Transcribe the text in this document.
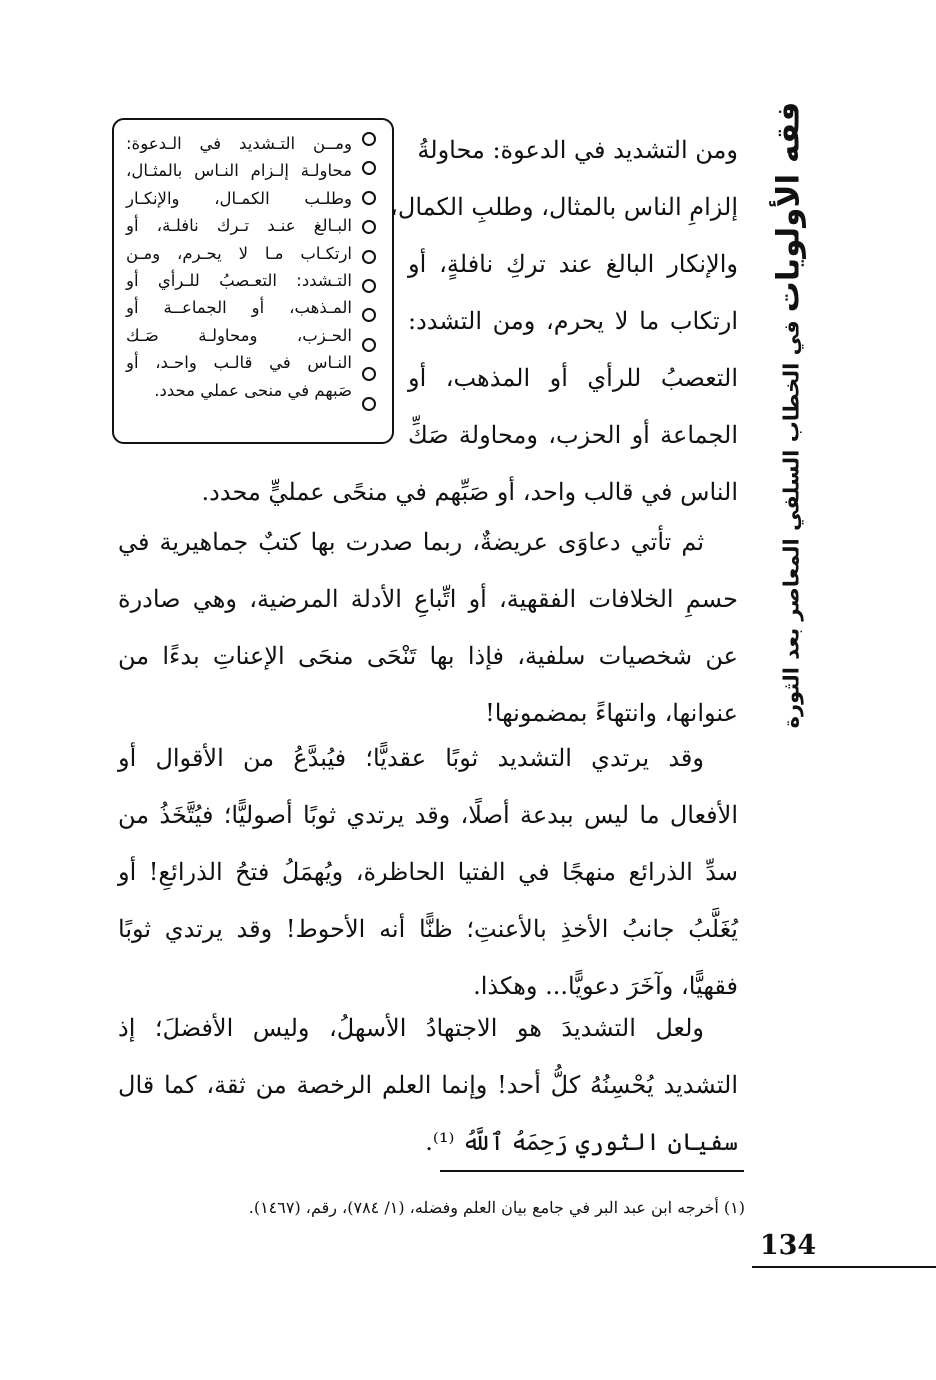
فقه الأولويات
في الخطاب السلفي المعاصر بعد الثورة
ومــن التـشديد في الـدعوة:
محاولـة إلـزام النـاس بالمثـال،
وطلـب الكمـال، والإنكـار
البـالغ عنـد تـرك نافلـة، أو
ارتكـاب مـا لا يحـرم، ومـن
التـشدد: التعـصبُ للـرأي أو
المـذهب، أو الجماعــة أو
الحـزب، ومحاولـة صَـك
النـاس في قالـب واحـد، أو
صَبهم في منحى عملي محدد.
ومن التشديد في الدعوة: محاولةُ
إلزامِ الناس بالمثال، وطلبِ الكمال،
والإنكار البالغ عند تركِ نافلةٍ، أو
ارتكاب ما لا يحرم، ومن التشدد:
التعصبُ للرأي أو المذهب، أو
الجماعة أو الحزب، ومحاولة صَكِّ
الناس في قالب واحد، أو صَبِّهم في منحًى عمليٍّ محدد.
ثم تأتي دعاوَى عريضةٌ، ربما صدرت بها كتبٌ جماهيرية في
حسمِ الخلافات الفقهية، أو اتِّباعِ الأدلة المرضية، وهي صادرة
عن شخصيات سلفية، فإذا بها تَنْحَى منحَى الإعناتِ بدءًا من
عنوانها، وانتهاءً بمضمونها!
وقد يرتدي التشديد ثوبًا عقديًّا؛ فيُبدَّعُ من الأقوال أو
الأفعال ما ليس ببدعة أصلًا، وقد يرتدي ثوبًا أصوليًّا؛ فيُتَّخَذُ من
سدِّ الذرائع منهجًا في الفتيا الحاظرة، ويُهمَلُ فتحُ الذرائعِ! أو
يُغَلَّبُ جانبُ الأخذِ بالأعنتِ؛ ظنًّا أنه الأحوط! وقد يرتدي ثوبًا
فقهيًّا، وآخَرَ دعويًّا... وهكذا.
ولعل التشديدَ هو الاجتهادُ الأسهلُ، وليس الأفضلَ؛ إذ
التشديد يُحْسِنُهُ كلُّ أحد! وإنما العلم الرخصة من ثقة، كما قال
سفيان الثوري رَحِمَهُ ٱللَّهُ ⁽¹⁾.
(١) أخرجه ابن عبد البر في جامع بيان العلم وفضله، (١/ ٧٨٤)، رقم، (١٤٦٧).
134
